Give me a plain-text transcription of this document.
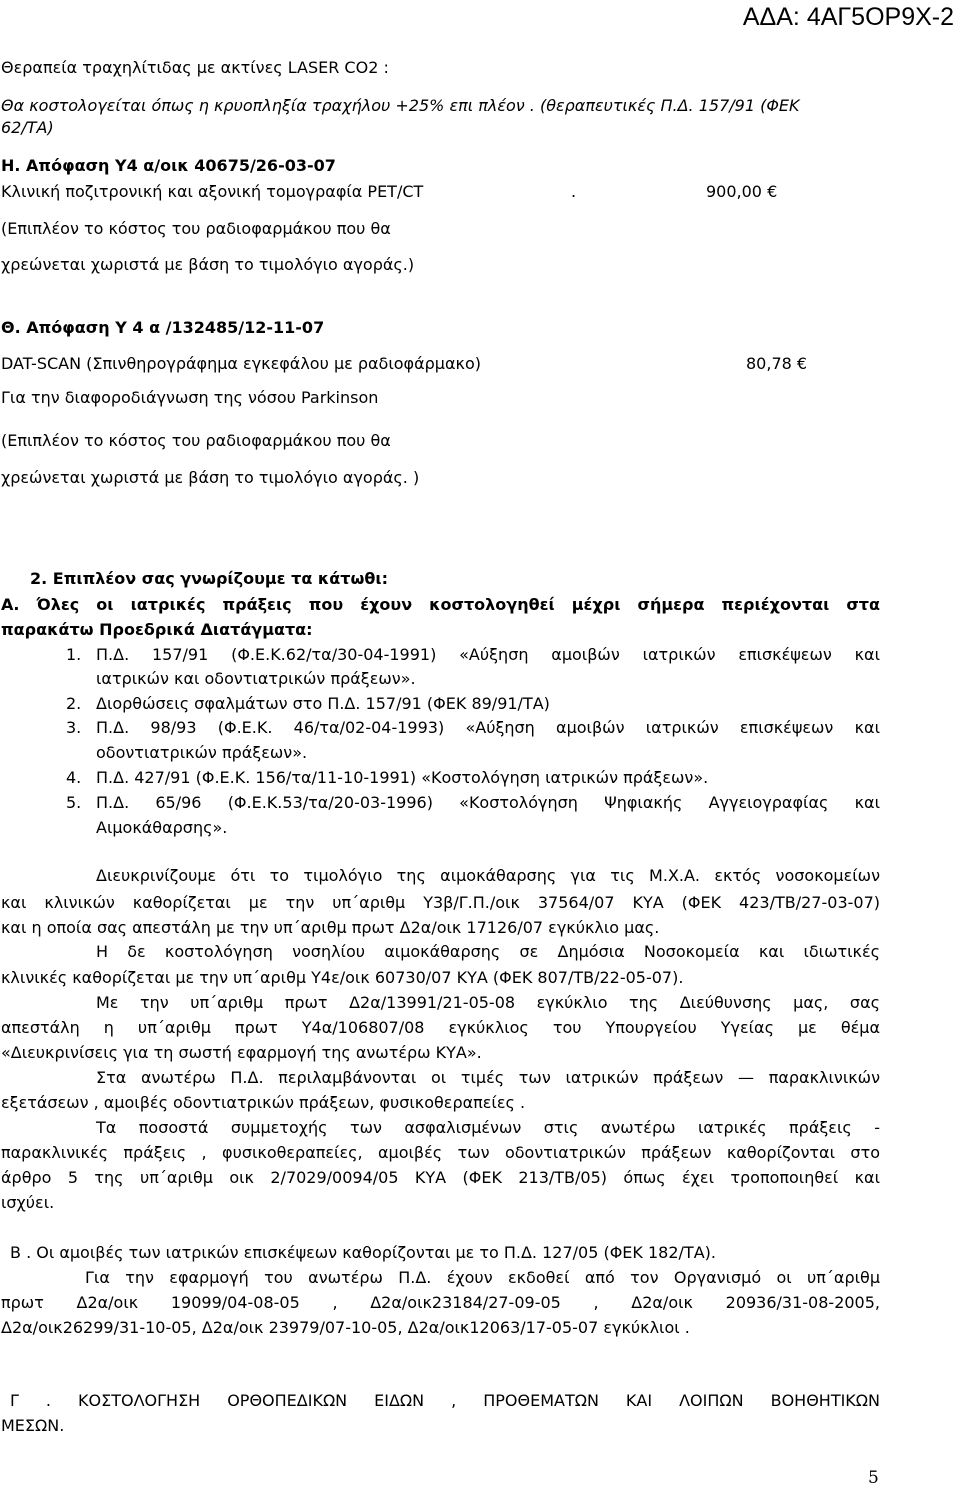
ΑΔΑ: 4ΑΓ5ΟΡ9Χ-2
Θεραπεία τραχηλίτιδας με ακτίνες LASER CO2 :
Θα κοστολογείται όπως η κρυοπληξία τραχήλου +25% επι πλέον . (θεραπευτικές Π.Δ. 157/91 (ΦΕΚ
62/ΤΑ)
Η. Απόφαση Υ4 α/οικ 40675/26-03-07
Κλινική ποζιτρονική και αξονική τομογραφία PET/CT	.	900,00 €
(Επιπλέον το κόστος του ραδιοφαρμάκου που θα
χρεώνεται χωριστά με βάση το τιμολόγιο αγοράς.)
Θ. Απόφαση Υ 4 α /132485/12-11-07
DAT-SCAN (Σπινθηρογράφημα εγκεφάλου με ραδιοφάρμακο)	80,78 €
Για την διαφοροδιάγνωση της νόσου Parkinson
(Επιπλέον το κόστος του ραδιοφαρμάκου που θα
χρεώνεται χωριστά με βάση το τιμολόγιο αγοράς. )
2. Επιπλέον σας γνωρίζουμε τα κάτωθι:
Α. Όλες οι ιατρικές πράξεις που έχουν κοστολογηθεί μέχρι σήμερα περιέχονται στα
παρακάτω Προεδρικά Διατάγματα:
1. Π.Δ. 157/91 (Φ.Ε.Κ.62/τα/30-04-1991) «Αύξηση αμοιβών ιατρικών επισκέψεων και
ιατρικών και οδοντιατρικών πράξεων».
2. Διορθώσεις σφαλμάτων στο Π.Δ. 157/91 (ΦΕΚ 89/91/ΤΑ)
3. Π.Δ. 98/93 (Φ.Ε.Κ. 46/τα/02-04-1993) «Αύξηση αμοιβών ιατρικών επισκέψεων και
οδοντιατρικών πράξεων».
4. Π.Δ. 427/91 (Φ.Ε.Κ. 156/τα/11-10-1991) «Κοστολόγηση ιατρικών πράξεων».
5. Π.Δ. 65/96 (Φ.Ε.Κ.53/τα/20-03-1996) «Κοστολόγηση Ψηφιακής Αγγειογραφίας και
Αιμοκάθαρσης».
Διευκρινίζουμε ότι το τιμολόγιο της αιμοκάθαρσης για τις Μ.Χ.Α. εκτός νοσοκομείων
και κλινικών καθορίζεται με την υπ΄αριθμ Υ3β/Γ.Π./οικ 37564/07 ΚΥΑ (ΦΕΚ 423/ΤΒ/27-03-07)
και η οποία σας απεστάλη με την υπ΄αριθμ πρωτ Δ2α/οικ 17126/07 εγκύκλιο μας.
Η δε κοστολόγηση νοσηλίου αιμοκάθαρσης σε Δημόσια Νοσοκομεία και ιδιωτικές
κλινικές καθορίζεται με την υπ΄αριθμ Υ4ε/οικ 60730/07 ΚΥΑ (ΦΕΚ 807/ΤΒ/22-05-07).
Με την υπ΄αριθμ πρωτ Δ2α/13991/21-05-08 εγκύκλιο της Διεύθυνσης μας, σας
απεστάλη η υπ΄αριθμ πρωτ Υ4α/106807/08 εγκύκλιος του Υπουργείου Υγείας με θέμα
«Διευκρινίσεις για τη σωστή εφαρμογή της ανωτέρω ΚΥΑ».
Στα ανωτέρω Π.Δ. περιλαμβάνονται οι τιμές των ιατρικών πράξεων — παρακλινικών
εξετάσεων , αμοιβές οδοντιατρικών πράξεων, φυσικοθεραπείες .
Τα ποσοστά συμμετοχής των ασφαλισμένων στις ανωτέρω ιατρικές πράξεις -
παρακλινικές πράξεις , φυσικοθεραπείες, αμοιβές των οδοντιατρικών πράξεων καθορίζονται στο
άρθρο 5 της υπ΄αριθμ οικ 2/7029/0094/05 ΚΥΑ (ΦΕΚ 213/ΤΒ/05) όπως έχει τροποποιηθεί και
ισχύει.
Β . Οι αμοιβές των ιατρικών επισκέψεων καθορίζονται με το Π.Δ. 127/05 (ΦΕΚ 182/ΤΑ).
Για την εφαρμογή του ανωτέρω Π.Δ. έχουν εκδοθεί από τον Οργανισμό οι υπ΄αριθμ
πρωτ Δ2α/οικ 19099/04-08-05 , Δ2α/οικ23184/27-09-05 , Δ2α/οικ 20936/31-08-2005,
Δ2α/οικ26299/31-10-05, Δ2α/οικ 23979/07-10-05, Δ2α/οικ12063/17-05-07 εγκύκλιοι .
Γ . ΚΟΣΤΟΛΟΓΗΣΗ ΟΡΘΟΠΕΔΙΚΩΝ ΕΙΔΩΝ , ΠΡΟΘΕΜΑΤΩΝ ΚΑΙ ΛΟΙΠΩΝ ΒΟΗΘΗΤΙΚΩΝ
ΜΕΣΩΝ.
5
